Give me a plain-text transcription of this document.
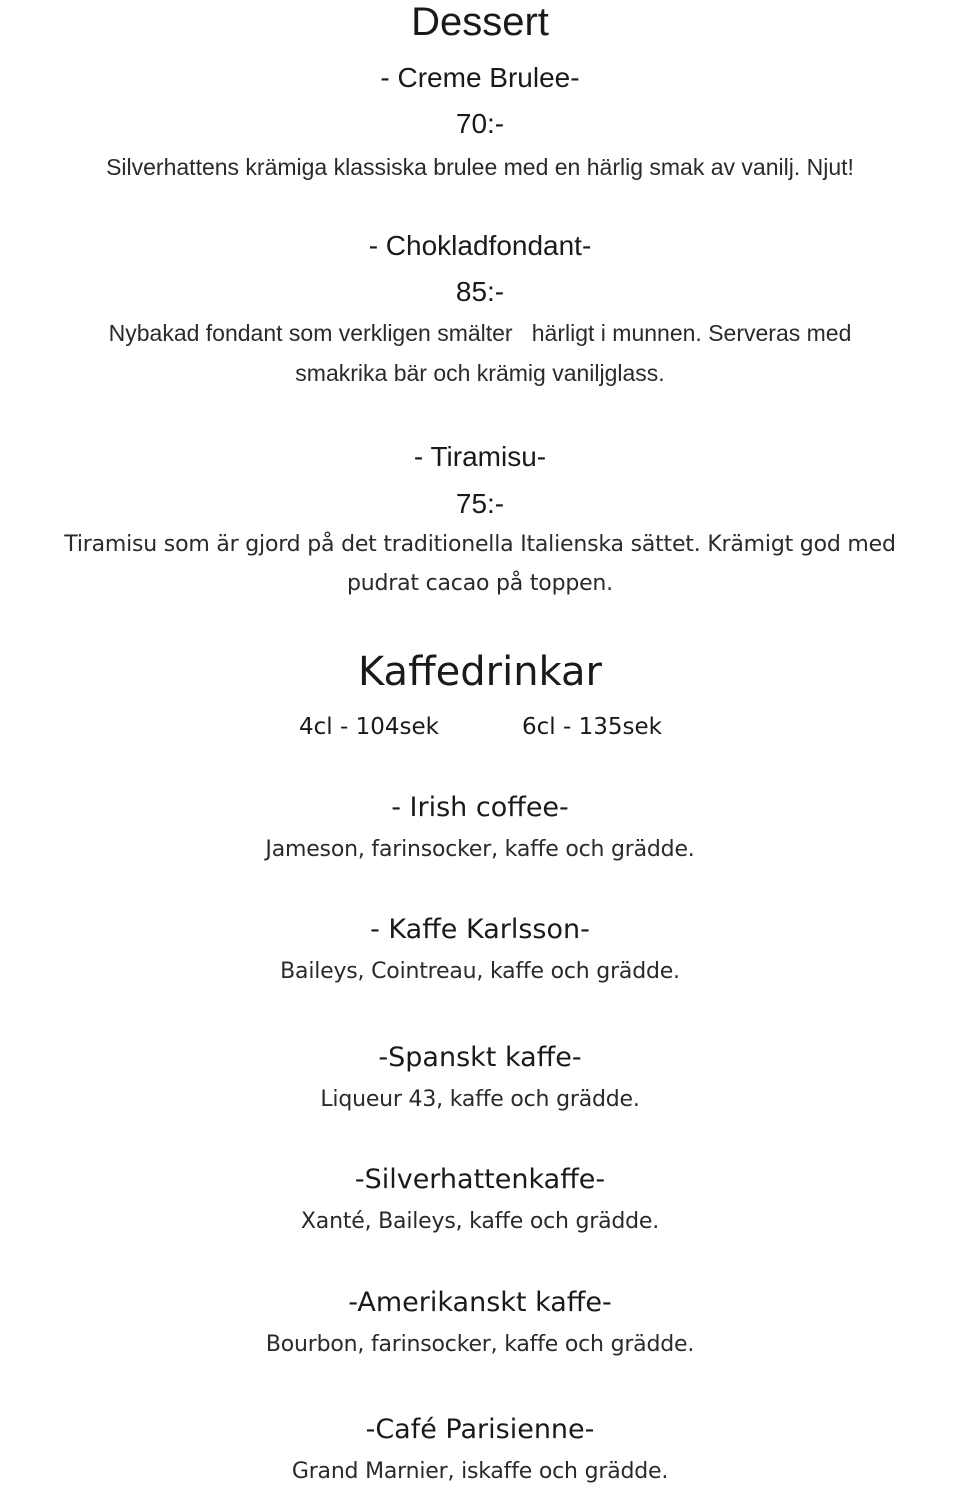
Dessert
- Creme Brulee-
70:-
Silverhattens krämiga klassiska brulee med en härlig smak av vanilj. Njut!
- Chokladfondant-
85:-
Nybakad fondant som verkligen smälter   härligt i munnen. Serveras med
smakrika bär och krämig vaniljglass.
- Tiramisu-
75:-
Tiramisu som är gjord på det traditionella Italienska sättet. Krämigt god med
pudrat cacao på toppen.
Kaffedrinkar
4cl - 104sek	6cl - 135sek
- Irish coffee-
Jameson, farinsocker, kaffe och grädde.
- Kaffe Karlsson-
Baileys, Cointreau, kaffe och grädde.
-Spanskt kaffe-
Liqueur 43, kaffe och grädde.
-Silverhattenkaffe-
Xanté, Baileys, kaffe och grädde.
-Amerikanskt kaffe-
Bourbon, farinsocker, kaffe och grädde.
-Café Parisienne-
Grand Marnier, iskaffe och grädde.
